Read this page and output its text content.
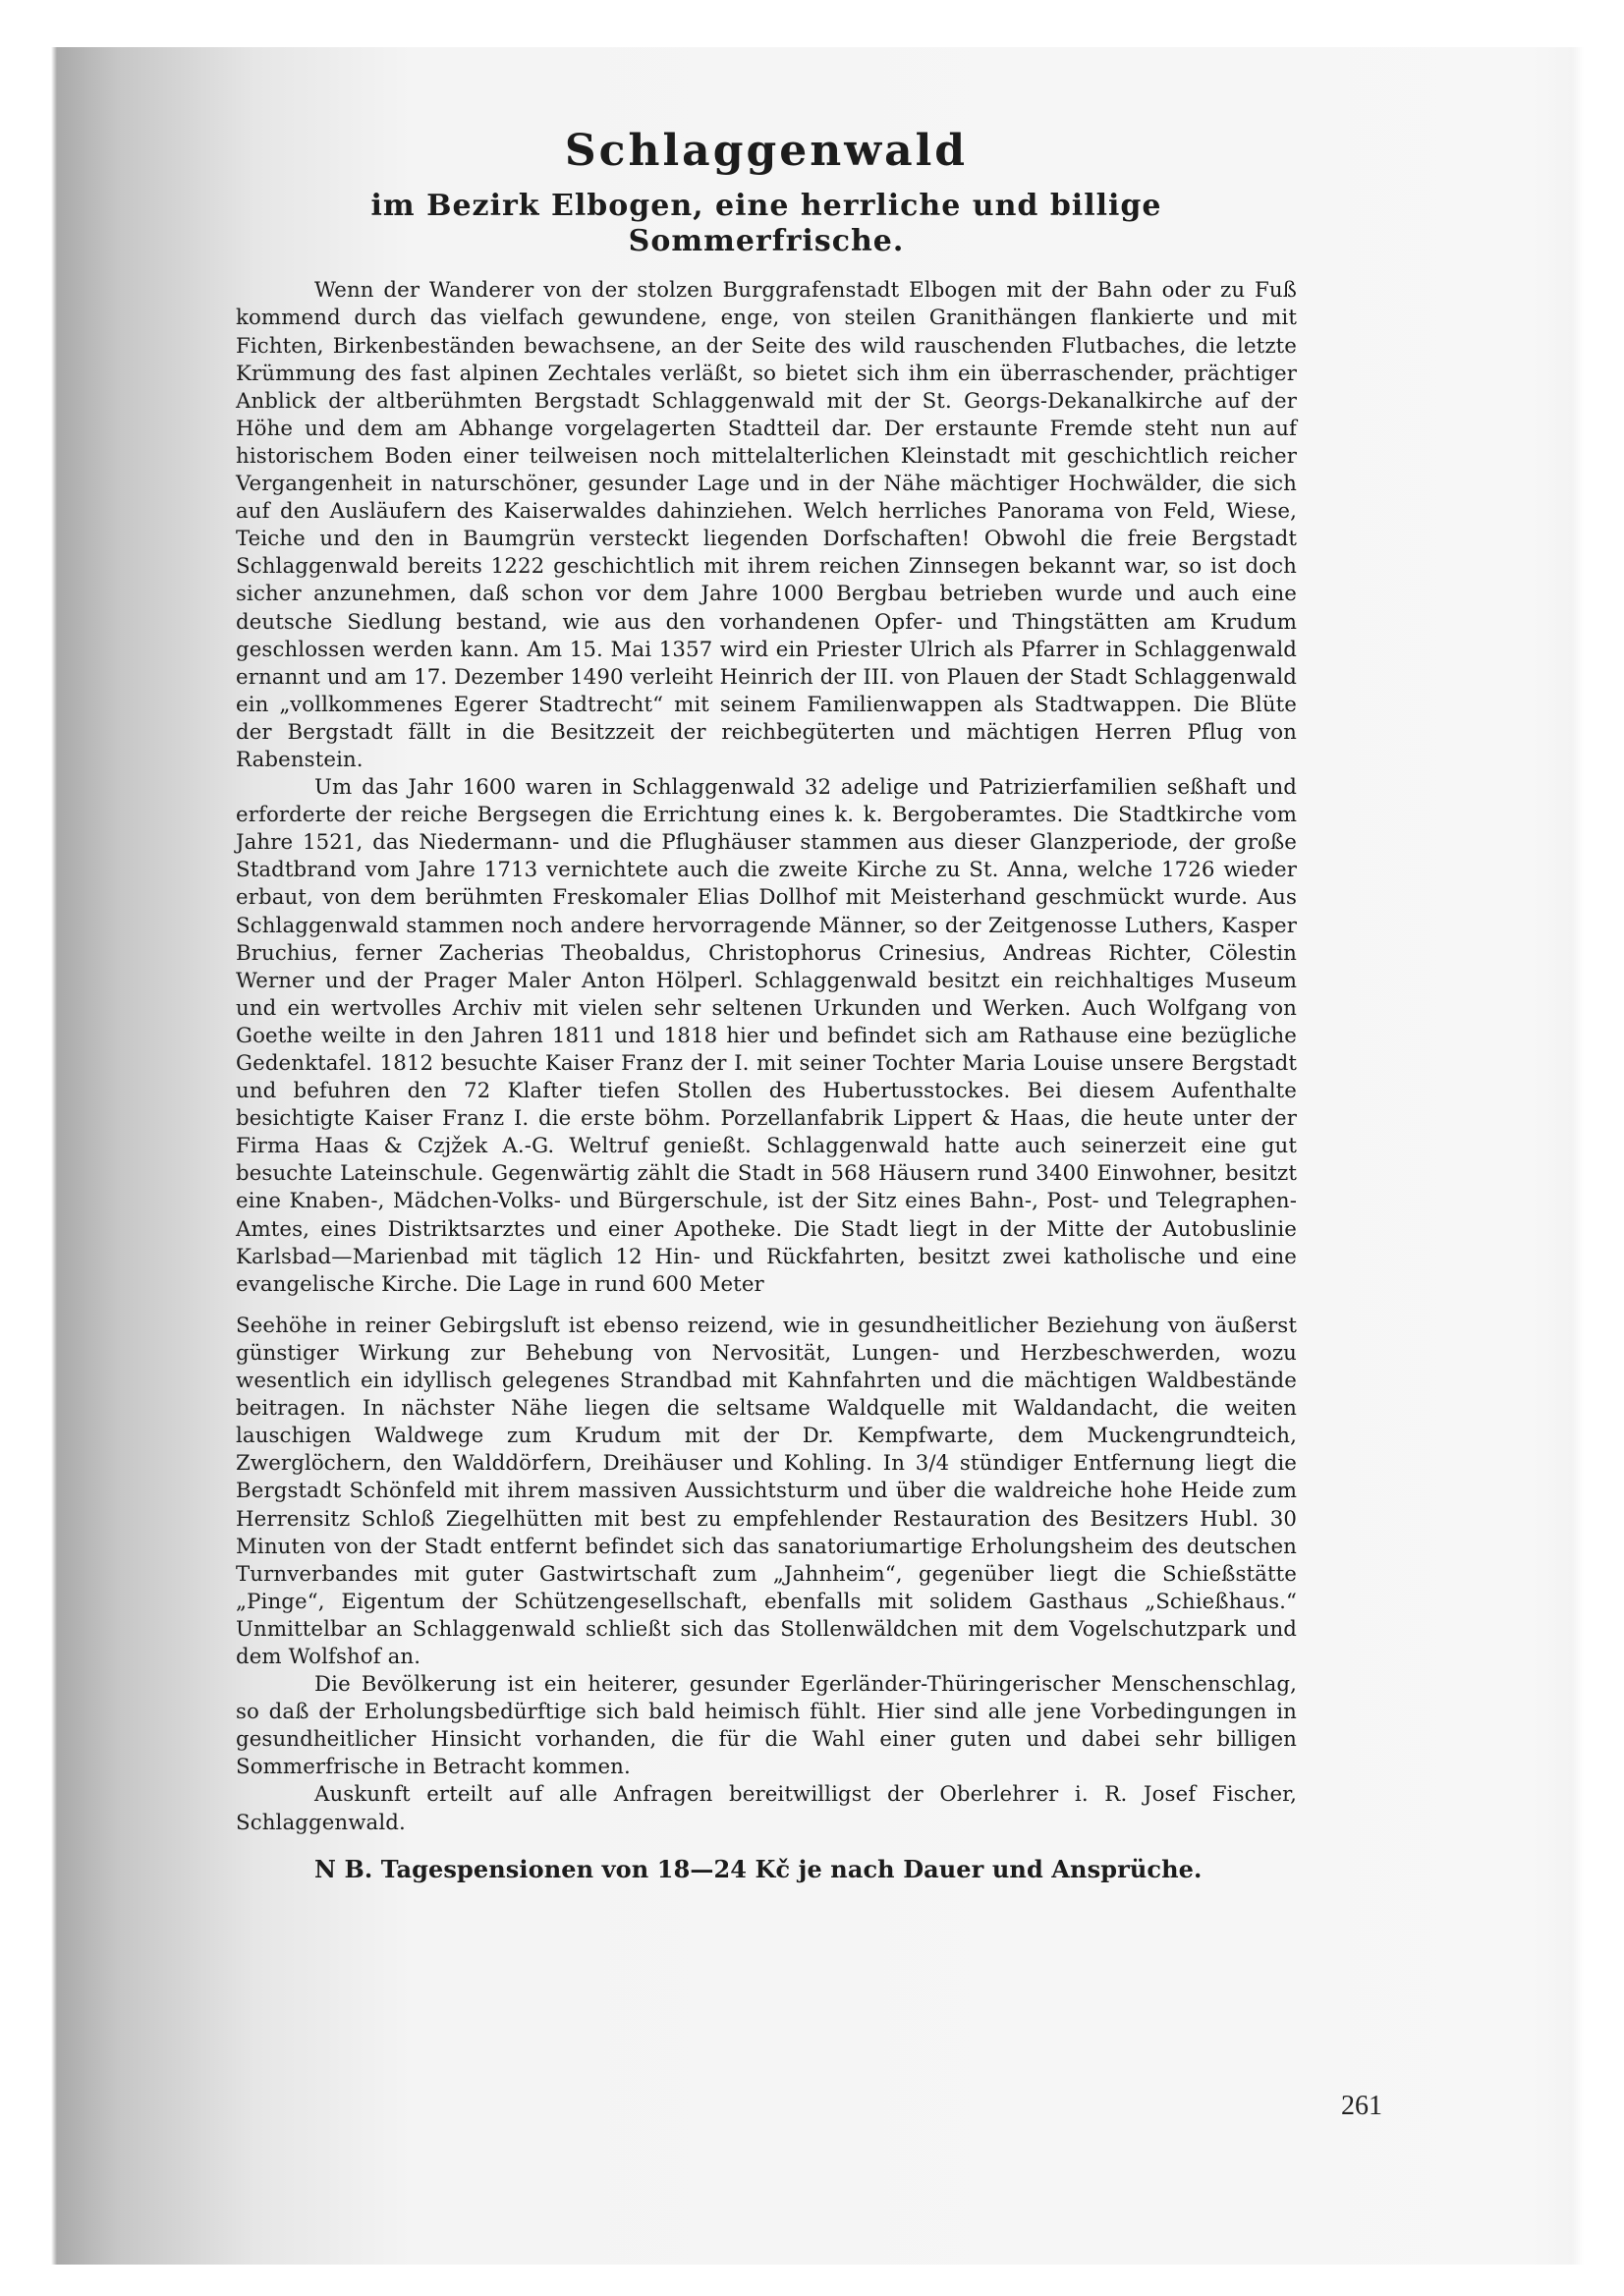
Schlaggenwald
im Bezirk Elbogen, eine herrliche und billige Sommerfrische.

Wenn der Wanderer von der stolzen Burggrafenstadt Elbogen mit der Bahn oder zu Fuß kommend durch das vielfach gewundene, enge, von steilen Granithängen flankierte und mit Fichten, Birkenbeständen bewachsene, an der Seite des wild rauschenden Flutbaches, die letzte Krümmung des fast alpinen Zechtales verläßt, so bietet sich ihm ein überraschender, prächtiger Anblick der altberühmten Bergstadt Schlaggenwald mit der St. Georgs-Dekanalkirche auf der Höhe und dem am Abhange vorgelagerten Stadtteil dar. Der erstaunte Fremde steht nun auf historischem Boden einer teilweisen noch mittelalterlichen Kleinstadt mit geschichtlich reicher Vergangenheit in naturschöner, gesunder Lage und in der Nähe mächtiger Hochwälder, die sich auf den Ausläufern des Kaiserwaldes dahinziehen. Welch herrliches Panorama von Feld, Wiese, Teiche und den in Baumgrün versteckt liegenden Dorfschaften! Obwohl die freie Bergstadt Schlaggenwald bereits 1222 geschichtlich mit ihrem reichen Zinnsegen bekannt war, so ist doch sicher anzunehmen, daß schon vor dem Jahre 1000 Bergbau betrieben wurde und auch eine deutsche Siedlung bestand, wie aus den vorhandenen Opfer- und Thingstätten am Krudum geschlossen werden kann. Am 15. Mai 1357 wird ein Priester Ulrich als Pfarrer in Schlaggenwald ernannt und am 17. Dezember 1490 verleiht Heinrich der III. von Plauen der Stadt Schlaggenwald ein „vollkommenes Egerer Stadtrecht“ mit seinem Familienwappen als Stadtwappen. Die Blüte der Bergstadt fällt in die Besitzzeit der reichbegüterten und mächtigen Herren Pflug von Rabenstein.

Um das Jahr 1600 waren in Schlaggenwald 32 adelige und Patrizierfamilien seßhaft und erforderte der reiche Bergsegen die Errichtung eines k. k. Bergoberamtes. Die Stadtkirche vom Jahre 1521, das Niedermann- und die Pflughäuser stammen aus dieser Glanzperiode, der große Stadtbrand vom Jahre 1713 vernichtete auch die zweite Kirche zu St. Anna, welche 1726 wieder erbaut, von dem berühmten Freskomaler Elias Dollhof mit Meisterhand geschmückt wurde. Aus Schlaggenwald stammen noch andere hervorragende Männer, so der Zeitgenosse Luthers, Kasper Bruchius, ferner Zacherias Theobaldus, Christophorus Crinesius, Andreas Richter, Cölestin Werner und der Prager Maler Anton Hölperl. Schlaggenwald besitzt ein reichhaltiges Museum und ein wertvolles Archiv mit vielen sehr seltenen Urkunden und Werken. Auch Wolfgang von Goethe weilte in den Jahren 1811 und 1818 hier und befindet sich am Rathause eine bezügliche Gedenktafel. 1812 besuchte Kaiser Franz der I. mit seiner Tochter Maria Louise unsere Bergstadt und befuhren den 72 Klafter tiefen Stollen des Hubertusstockes. Bei diesem Aufenthalte besichtigte Kaiser Franz I. die erste böhm. Porzellanfabrik Lippert & Haas, die heute unter der Firma Haas & Czjžek A.-G. Weltruf genießt. Schlaggenwald hatte auch seinerzeit eine gut besuchte Lateinschule. Gegenwärtig zählt die Stadt in 568 Häusern rund 3400 Einwohner, besitzt eine Knaben-, Mädchen-Volks- und Bürgerschule, ist der Sitz eines Bahn-, Post- und Telegraphen-Amtes, eines Distriktsarztes und einer Apotheke. Die Stadt liegt in der Mitte der Autobuslinie Karlsbad—Marienbad mit täglich 12 Hin- und Rückfahrten, besitzt zwei katholische und eine evangelische Kirche. Die Lage in rund 600 Meter

Seehöhe in reiner Gebirgsluft ist ebenso reizend, wie in gesundheitlicher Beziehung von äußerst günstiger Wirkung zur Behebung von Nervosität, Lungen- und Herzbeschwerden, wozu wesentlich ein idyllisch gelegenes Strandbad mit Kahnfahrten und die mächtigen Waldbestände beitragen. In nächster Nähe liegen die seltsame Waldquelle mit Waldandacht, die weiten lauschigen Waldwege zum Krudum mit der Dr. Kempfwarte, dem Muckengrundteich, Zwerglöchern, den Walddörfern, Dreihäuser und Kohling. In 3/4 stündiger Entfernung liegt die Bergstadt Schönfeld mit ihrem massiven Aussichtsturm und über die waldreiche hohe Heide zum Herrensitz Schloß Ziegelhütten mit best zu empfehlender Restauration des Besitzers Hubl. 30 Minuten von der Stadt entfernt befindet sich das sanatoriumartige Erholungsheim des deutschen Turnverbandes mit guter Gastwirtschaft zum „Jahnheim“, gegenüber liegt die Schießstätte „Pinge“, Eigentum der Schützengesellschaft, ebenfalls mit solidem Gasthaus „Schießhaus.“ Unmittelbar an Schlaggenwald schließt sich das Stollenwäldchen mit dem Vogelschutzpark und dem Wolfshof an.

Die Bevölkerung ist ein heiterer, gesunder Egerländer-Thüringerischer Menschenschlag, so daß der Erholungsbedürftige sich bald heimisch fühlt. Hier sind alle jene Vorbedingungen in gesundheitlicher Hinsicht vorhanden, die für die Wahl einer guten und dabei sehr billigen Sommerfrische in Betracht kommen.

Auskunft erteilt auf alle Anfragen bereitwilligst der Oberlehrer i. R. Josef Fischer, Schlaggenwald.

N B. Tagespensionen von 18—24 Kč je nach Dauer und Ansprüche.

261
